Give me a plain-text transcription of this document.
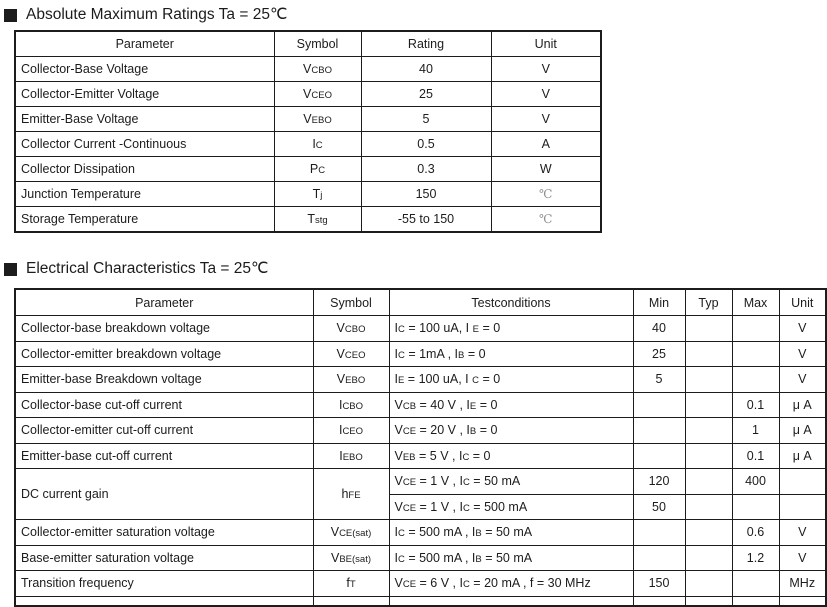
Absolute Maximum Ratings Ta = 25℃
Parameter	Symbol	Rating	Unit
Collector-Base Voltage	VCBO	40	V
Collector-Emitter Voltage	VCEO	25	V
Emitter-Base Voltage	VEBO	5	V
Collector Current -Continuous	IC	0.5	A
Collector Dissipation	PC	0.3	W
Junction Temperature	Tj	150	℃
Storage Temperature	Tstg	-55 to 150	℃
Electrical Characteristics Ta = 25℃
Parameter	Symbol	Testconditions	Min	Typ	Max	Unit
Collector-base breakdown voltage	VCBO	IC = 100 uA, I E = 0	40			V
Collector-emitter breakdown voltage	VCEO	IC = 1mA , IB = 0	25			V
Emitter-base Breakdown voltage	VEBO	IE = 100 uA, I C = 0	5			V
Collector-base cut-off current	ICBO	VCB = 40 V , IE = 0			0.1	μ A
Collector-emitter cut-off current	ICEO	VCE = 20 V , IB = 0			1	μ A
Emitter-base cut-off current	IEBO	VEB = 5 V , IC = 0			0.1	μ A
DC current gain	hFE	VCE = 1 V , IC = 50 mA	120		400	
		VCE = 1 V , IC = 500 mA	50			
Collector-emitter saturation voltage	VCE(sat)	IC = 500 mA , IB = 50 mA			0.6	V
Base-emitter saturation voltage	VBE(sat)	IC = 500 mA , IB = 50 mA			1.2	V
Transition frequency	fT	VCE = 6 V , IC = 20 mA , f = 30 MHz	150			MHz
